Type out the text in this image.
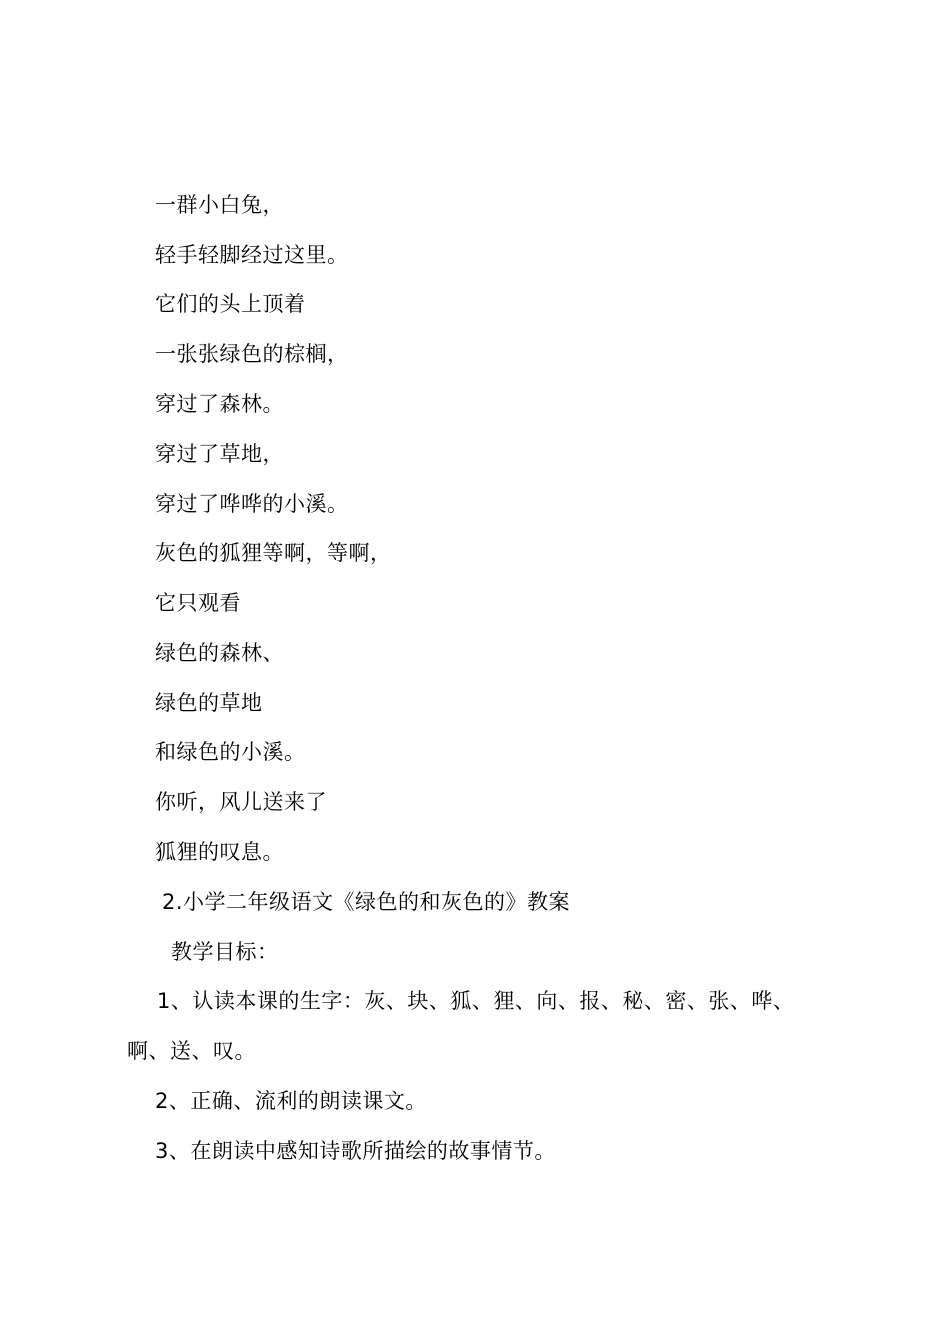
一群小白兔，
轻手轻脚经过这里。
它们的头上顶着
一张张绿色的棕榈，
穿过了森林。
穿过了草地，
穿过了哗哗的小溪。
灰色的狐狸等啊，等啊，
它只观看
绿色的森林、
绿色的草地
和绿色的小溪。
你听，风儿送来了
狐狸的叹息。
2.小学二年级语文《绿色的和灰色的》教案
教学目标：
1、认读本课的生字：灰、块、狐、狸、向、报、秘、密、张、哗、
啊、送、叹。
2、正确、流利的朗读课文。
3、在朗读中感知诗歌所描绘的故事情节。
